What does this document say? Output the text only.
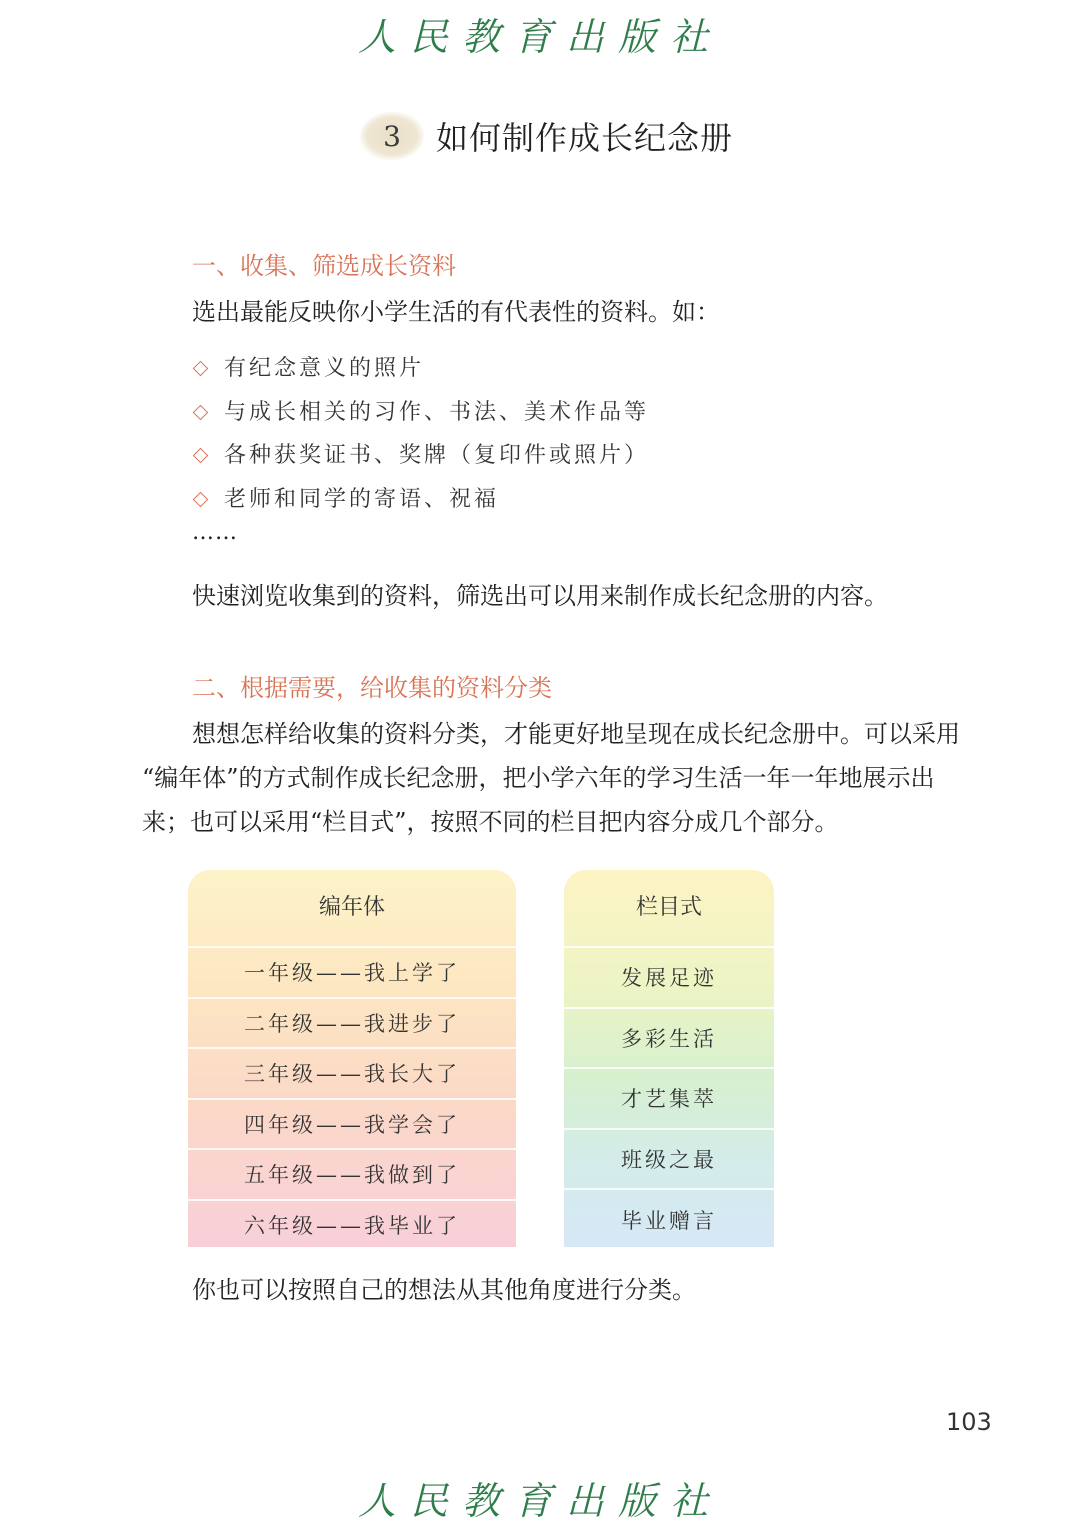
人民教育出版社
3	如何制作成长纪念册
一、收集、筛选成长资料
选出最能反映你小学生活的有代表性的资料。如：
有纪念意义的照片
与成长相关的习作、书法、美术作品等
各种获奖证书、奖牌（复印件或照片）
老师和同学的寄语、祝福
……
快速浏览收集到的资料，筛选出可以用来制作成长纪念册的内容。
二、根据需要，给收集的资料分类
想想怎样给收集的资料分类，才能更好地呈现在成长纪念册中。可以采用
“编年体”的方式制作成长纪念册，把小学六年的学习生活一年一年地展示出
来；也可以采用“栏目式”，按照不同的栏目把内容分成几个部分。
编年体
一年级——我上学了
二年级——我进步了
三年级——我长大了
四年级——我学会了
五年级——我做到了
六年级——我毕业了
栏目式
发展足迹
多彩生活
才艺集萃
班级之最
毕业赠言
你也可以按照自己的想法从其他角度进行分类。
103
人民教育出版社
